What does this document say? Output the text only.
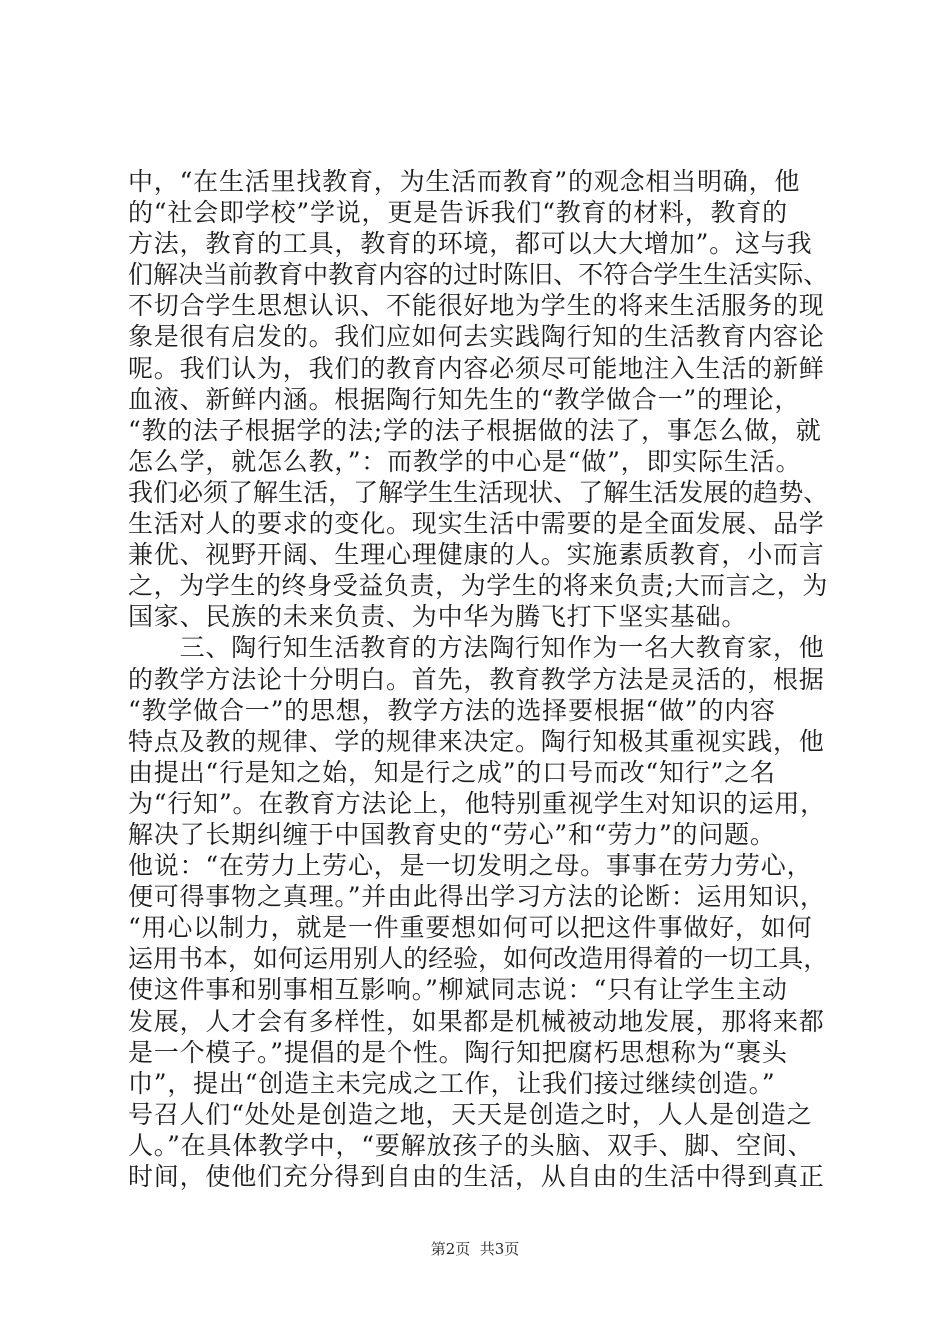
中，“在生活里找教育，为生活而教育”的观念相当明确，他
的“社会即学校”学说，更是告诉我们“教育的材料，教育的
方法，教育的工具，教育的环境，都可以大大增加”。这与我
们解决当前教育中教育内容的过时陈旧、不符合学生生活实际、
不切合学生思想认识、不能很好地为学生的将来生活服务的现
象是很有启发的。我们应如何去实践陶行知的生活教育内容论
呢。我们认为，我们的教育内容必须尽可能地注入生活的新鲜
血液、新鲜内涵。根据陶行知先生的“教学做合一”的理论，
“教的法子根据学的法;学的法子根据做的法了，事怎么做，就
怎么学，就怎么教，”：而教学的中心是“做”，即实际生活。
我们必须了解生活，了解学生生活现状、了解生活发展的趋势、
生活对人的要求的变化。现实生活中需要的是全面发展、品学
兼优、视野开阔、生理心理健康的人。实施素质教育，小而言
之，为学生的终身受益负责，为学生的将来负责;大而言之，为
国家、民族的未来负责、为中华为腾飞打下坚实基础。
　　三、陶行知生活教育的方法陶行知作为一名大教育家，他
的教学方法论十分明白。首先，教育教学方法是灵活的，根据
“教学做合一”的思想，教学方法的选择要根据“做”的内容
特点及教的规律、学的规律来决定。陶行知极其重视实践，他
由提出“行是知之始，知是行之成”的口号而改“知行”之名
为“行知”。在教育方法论上，他特别重视学生对知识的运用，
解决了长期纠缠于中国教育史的“劳心”和“劳力”的问题。
他说：“在劳力上劳心，是一切发明之母。事事在劳力劳心，
便可得事物之真理。”并由此得出学习方法的论断：运用知识，
“用心以制力，就是一件重要想如何可以把这件事做好，如何
运用书本，如何运用别人的经验，如何改造用得着的一切工具，
使这件事和别事相互影响。”柳斌同志说：“只有让学生主动
发展，人才会有多样性，如果都是机械被动地发展，那将来都
是一个模子。”提倡的是个性。陶行知把腐朽思想称为“裹头
巾”，提出“创造主未完成之工作，让我们接过继续创造。”
号召人们“处处是创造之地，天天是创造之时，人人是创造之
人。”在具体教学中，“要解放孩子的头脑、双手、脚、空间、
时间，使他们充分得到自由的生活，从自由的生活中得到真正
第2页  共3页
